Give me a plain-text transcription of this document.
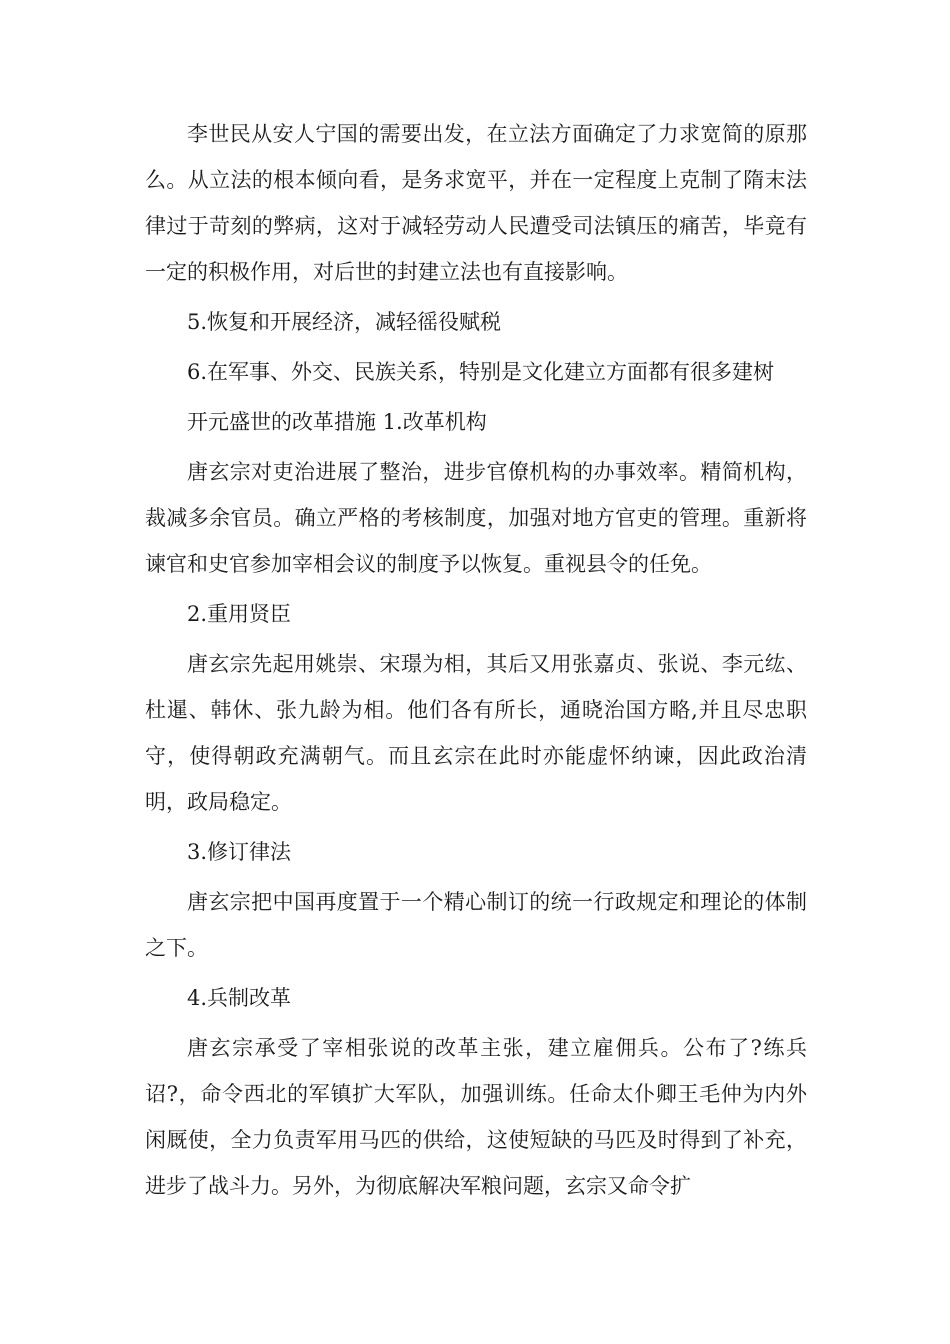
李世民从安人宁国的需要出发，在立法方面确定了力求宽简的原那么。从立法的根本倾向看，是务求宽平，并在一定程度上克制了隋末法律过于苛刻的弊病，这对于减轻劳动人民遭受司法镇压的痛苦，毕竟有一定的积极作用，对后世的封建立法也有直接影响。

5.恢复和开展经济，减轻徭役赋税

6.在军事、外交、民族关系，特别是文化建立方面都有很多建树

开元盛世的改革措施 1.改革机构

唐玄宗对吏治进展了整治，进步官僚机构的办事效率。精简机构，裁减多余官员。确立严格的考核制度，加强对地方官吏的管理。重新将谏官和史官参加宰相会议的制度予以恢复。重视县令的任免。

2.重用贤臣

唐玄宗先起用姚崇、宋璟为相，其后又用张嘉贞、张说、李元纮、杜暹、韩休、张九龄为相。他们各有所长，通晓治国方略,并且尽忠职守，使得朝政充满朝气。而且玄宗在此时亦能虚怀纳谏，因此政治清明，政局稳定。

3.修订律法

唐玄宗把中国再度置于一个精心制订的统一行政规定和理论的体制之下。

4.兵制改革

唐玄宗承受了宰相张说的改革主张，建立雇佣兵。公布了?练兵诏?，命令西北的军镇扩大军队，加强训练。任命太仆卿王毛仲为内外闲厩使，全力负责军用马匹的供给，这使短缺的马匹及时得到了补充，进步了战斗力。另外，为彻底解决军粮问题，玄宗又命令扩
